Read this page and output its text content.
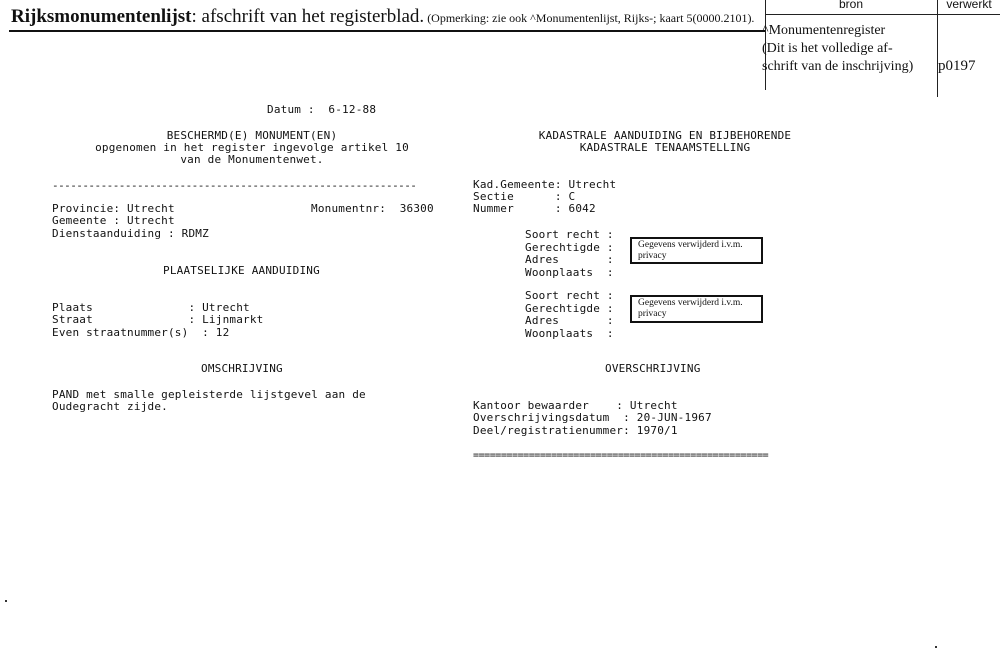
Rijksmonumentenlijst: afschrift van het registerblad. (Opmerking: zie ook ^Monumentenlijst, Rijks-; kaart 5(0000.2101).
bron	verwerkt
^Monumentenregister
(Dit is het volledige af-
schrift van de inschrijving) p0197
Datum :  6-12-88
BESCHERMD(E) MONUMENT(EN)
opgenomen in het register ingevolge artikel 10
van de Monumentenwet.
------------------------------------------------------------
Provincie: Utrecht	Monumentnr:  36300
Gemeente : Utrecht
Dienstaanduiding : RDMZ
PLAATSELIJKE AANDUIDING
Plaats              : Utrecht
Straat              : Lijnmarkt
Even straatnummer(s)  : 12
OMSCHRIJVING
PAND met smalle gepleisterde lijstgevel aan de
Oudegracht zijde.
KADASTRALE AANDUIDING EN BIJBEHORENDE
KADASTRALE TENAAMSTELLING
Kad.Gemeente: Utrecht
Sectie      : C
Nummer      : 6042
Soort recht :
Gerechtigde :
Adres       :
Woonplaats  :
Gegevens verwijderd i.v.m. privacy
Soort recht :
Gerechtigde :
Adres       :
Woonplaats  :
Gegevens verwijderd i.v.m. privacy
OVERSCHRIJVING
Kantoor bewaarder    : Utrecht
Overschrijvingsdatum  : 20-JUN-1967
Deel/registratienummer: 1970/1
=====================================================
